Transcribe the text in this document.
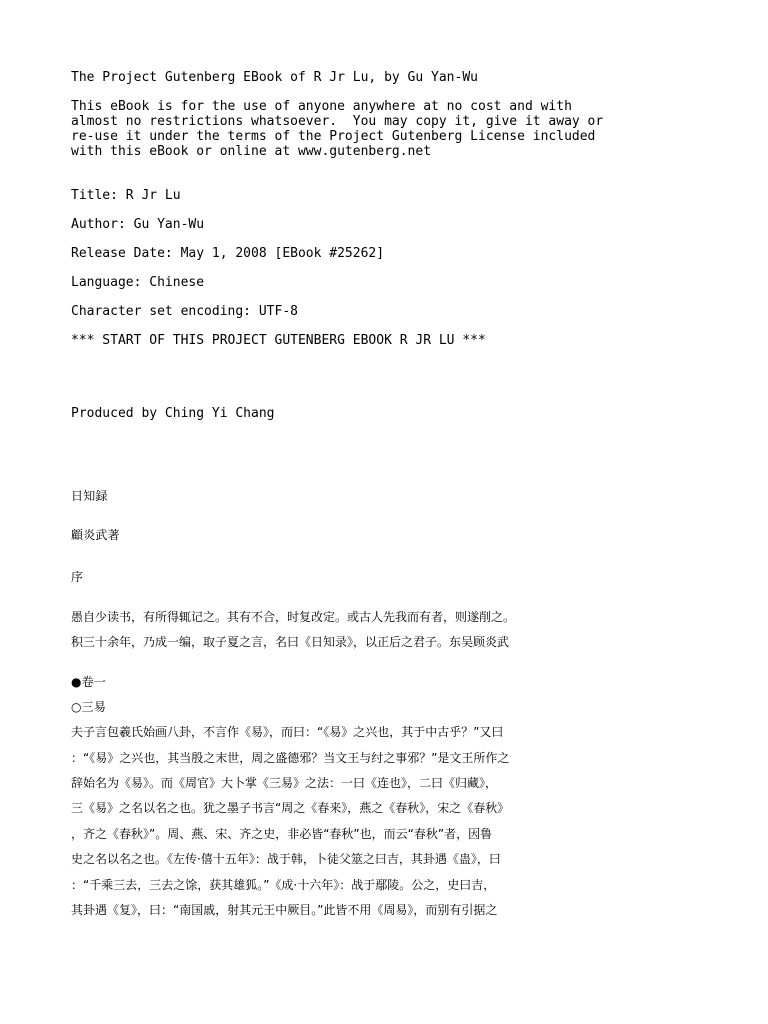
The Project Gutenberg EBook of R Jr Lu, by Gu Yan-Wu

This eBook is for the use of anyone anywhere at no cost and with

almost no restrictions whatsoever.  You may copy it, give it away or

re-use it under the terms of the Project Gutenberg License included

with this eBook or online at www.gutenberg.net

Title: R Jr Lu

Author: Gu Yan-Wu

Release Date: May 1, 2008 [EBook #25262]

Language: Chinese

Character set encoding: UTF-8

*** START OF THIS PROJECT GUTENBERG EBOOK R JR LU ***

Produced by Ching Yi Chang

日知録

顧炎武著

序

愚自少读书，有所得辄记之。其有不合，时复改定。或古人先我而有者，则遂削之。

积三十余年，乃成一编，取子夏之言，名曰《日知录》，以正后之君子。东吴顾炎武

●卷一

○三易

夫子言包羲氏始画八卦，不言作《易》，而曰：“《易》之兴也，其于中古乎？”又曰

：“《易》之兴也，其当殷之末世，周之盛德邪？当文王与纣之事邪？”是文王所作之

辞始名为《易》。而《周官》大卜掌《三易》之法：一曰《连也》，二曰《归藏》，

三《易》之名以名之也。犹之墨子书言“周之《春来》，燕之《春秋》，宋之《春秋》

，齐之《春秋》”。周、燕、宋、齐之史，非必皆“春秋”也，而云“春秋”者，因鲁

史之名以名之也。《左传·僖十五年》：战于韩，卜徒父筮之曰吉，其卦遇《蛊》，曰

：“千乘三去，三去之馀，获其雄狐。”《成·十六年》：战于鄢陵。公之，史曰吉，

其卦遇《复》，曰：“南国戚，射其元王中厥目。”此皆不用《周易》，而别有引据之
